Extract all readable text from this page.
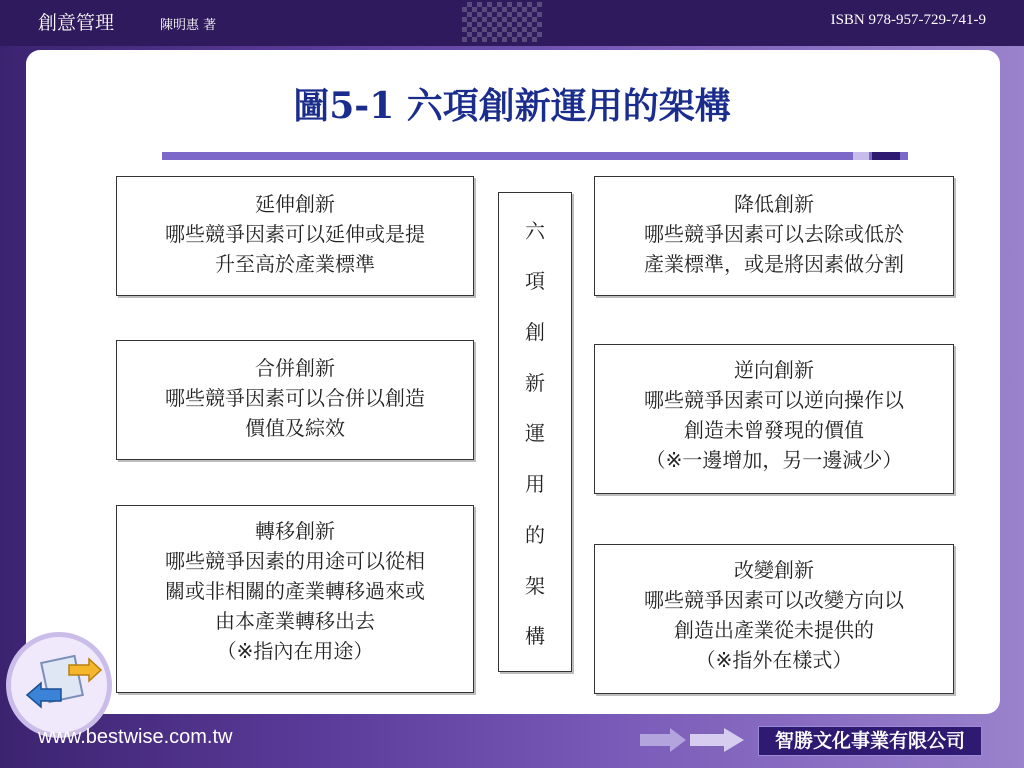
創意管理	陳明惠 著	ISBN 978-957-729-741-9
圖5-1 六項創新運用的架構
延伸創新
哪些競爭因素可以延伸或是提
升至高於產業標準
合併創新
哪些競爭因素可以合併以創造
價值及綜效
轉移創新
哪些競爭因素的用途可以從相
關或非相關的產業轉移過來或
由本產業轉移出去
（※指內在用途）
六
項
創
新
運
用
的
架
構
降低創新
哪些競爭因素可以去除或低於
產業標準，或是將因素做分割
逆向創新
哪些競爭因素可以逆向操作以
創造未曾發現的價值
（※一邊增加，另一邊減少）
改變創新
哪些競爭因素可以改變方向以
創造出產業從未提供的
（※指外在樣式）
www.bestwise.com.tw	智勝文化事業有限公司
